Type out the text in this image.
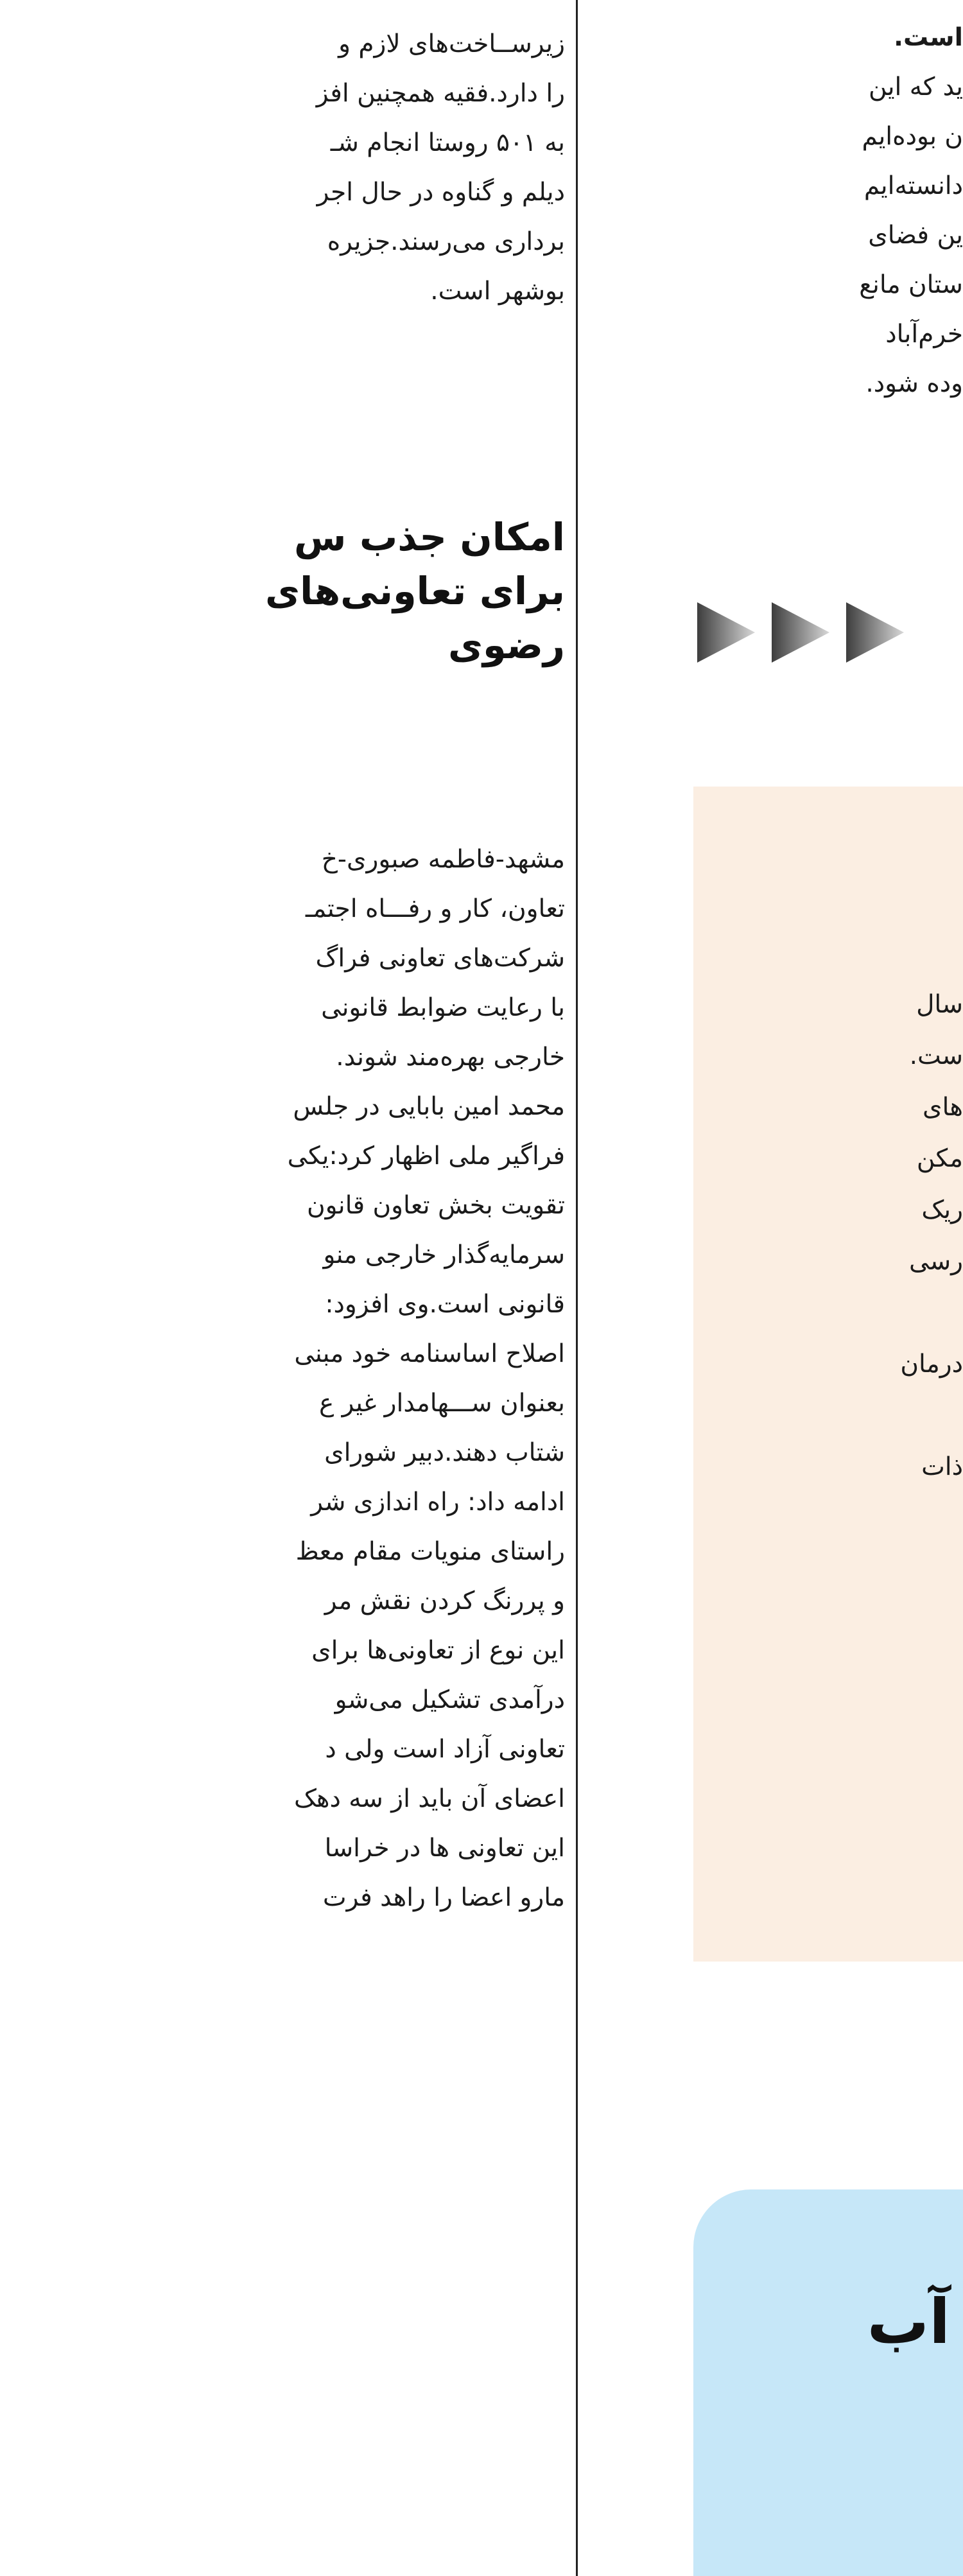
زیرســاخت‌های لازم و
را دارد.فقیه همچنین افز
به ۵۰۱ روستا انجام شـ
دیلم و گناوه در حال اجر
برداری می‌رسند.جزیره
بوشهر است.
امکان جذب س
برای تعاونی‌های
رضوی
مشهد-فاطمه صبوری-خ
تعاون، کار و رفـــاه اجتمـ
شرکت‌های تعاونی فراگ
با رعایت ضوابط قانونی
خارجی بهره‌مند شوند.
محمد امین بابایی در جلس
فراگیر ملی اظهار کرد:یکی
تقویت بخش تعاون قانون
سرمایه‌گذار خارجی منو
قانونی است.وی افزود:
اصلاح اساسنامه خود مبنی
بعنوان ســـهامدار غیر ع
شتاب دهند.دبیر شورای
ادامه داد: راه اندازی شر
راستای منویات مقام معظ
و پررنگ کردن نقش مر
این نوع از تعاونی‌ها برای
درآمدی تشکیل می‌شو
تعاونی آزاد است ولی د
اعضای آن باید از سه دهک
این تعاونی ها در خراسا
مارو اعضا را راهد فرت
است.
ید که این
ن بوده‌ایم
دانسته‌ایم
ین فضای
ستان مانع
خرم‌آباد
وده شود.
سال
ست.
های
مکن
ریک
رسی
درمان
ذات
آب
